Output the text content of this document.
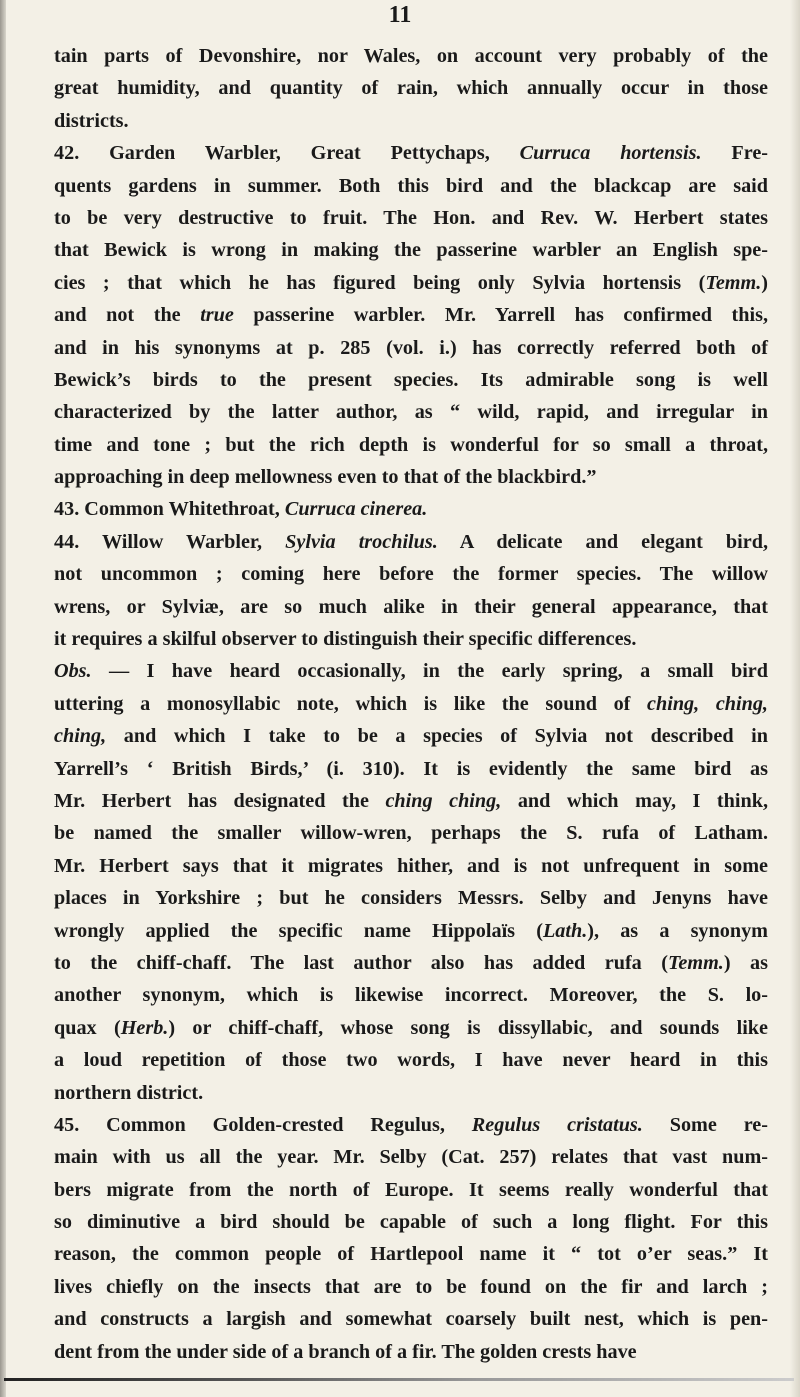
11
tain parts of Devonshire, nor Wales, on account very probably of the
great humidity, and quantity of rain, which annually occur in those
districts.
42. Garden Warbler, Great Pettychaps, Curruca hortensis. Fre-
quents gardens in summer. Both this bird and the blackcap are said
to be very destructive to fruit. The Hon. and Rev. W. Herbert states
that Bewick is wrong in making the passerine warbler an English spe-
cies ; that which he has figured being only Sylvia hortensis (Temm.)
and not the true passerine warbler. Mr. Yarrell has confirmed this,
and in his synonyms at p. 285 (vol. i.) has correctly referred both of
Bewick’s birds to the present species. Its admirable song is well
characterized by the latter author, as “ wild, rapid, and irregular in
time and tone ; but the rich depth is wonderful for so small a throat,
approaching in deep mellowness even to that of the blackbird.”
43. Common Whitethroat, Curruca cinerea.
44. Willow Warbler, Sylvia trochilus. A delicate and elegant bird,
not uncommon ; coming here before the former species. The willow
wrens, or Sylviæ, are so much alike in their general appearance, that
it requires a skilful observer to distinguish their specific differences.
Obs. — I have heard occasionally, in the early spring, a small bird
uttering a monosyllabic note, which is like the sound of ching, ching,
ching, and which I take to be a species of Sylvia not described in
Yarrell’s ‘ British Birds,’ (i. 310). It is evidently the same bird as
Mr. Herbert has designated the ching ching, and which may, I think,
be named the smaller willow-wren, perhaps the S. rufa of Latham.
Mr. Herbert says that it migrates hither, and is not unfrequent in some
places in Yorkshire ; but he considers Messrs. Selby and Jenyns have
wrongly applied the specific name Hippolaïs (Lath.), as a synonym
to the chiff-chaff. The last author also has added rufa (Temm.) as
another synonym, which is likewise incorrect. Moreover, the S. lo-
quax (Herb.) or chiff-chaff, whose song is dissyllabic, and sounds like
a loud repetition of those two words, I have never heard in this
northern district.
45. Common Golden-crested Regulus, Regulus cristatus. Some re-
main with us all the year. Mr. Selby (Cat. 257) relates that vast num-
bers migrate from the north of Europe. It seems really wonderful that
so diminutive a bird should be capable of such a long flight. For this
reason, the common people of Hartlepool name it “ tot o’er seas.” It
lives chiefly on the insects that are to be found on the fir and larch ;
and constructs a largish and somewhat coarsely built nest, which is pen-
dent from the under side of a branch of a fir. The golden crests have
